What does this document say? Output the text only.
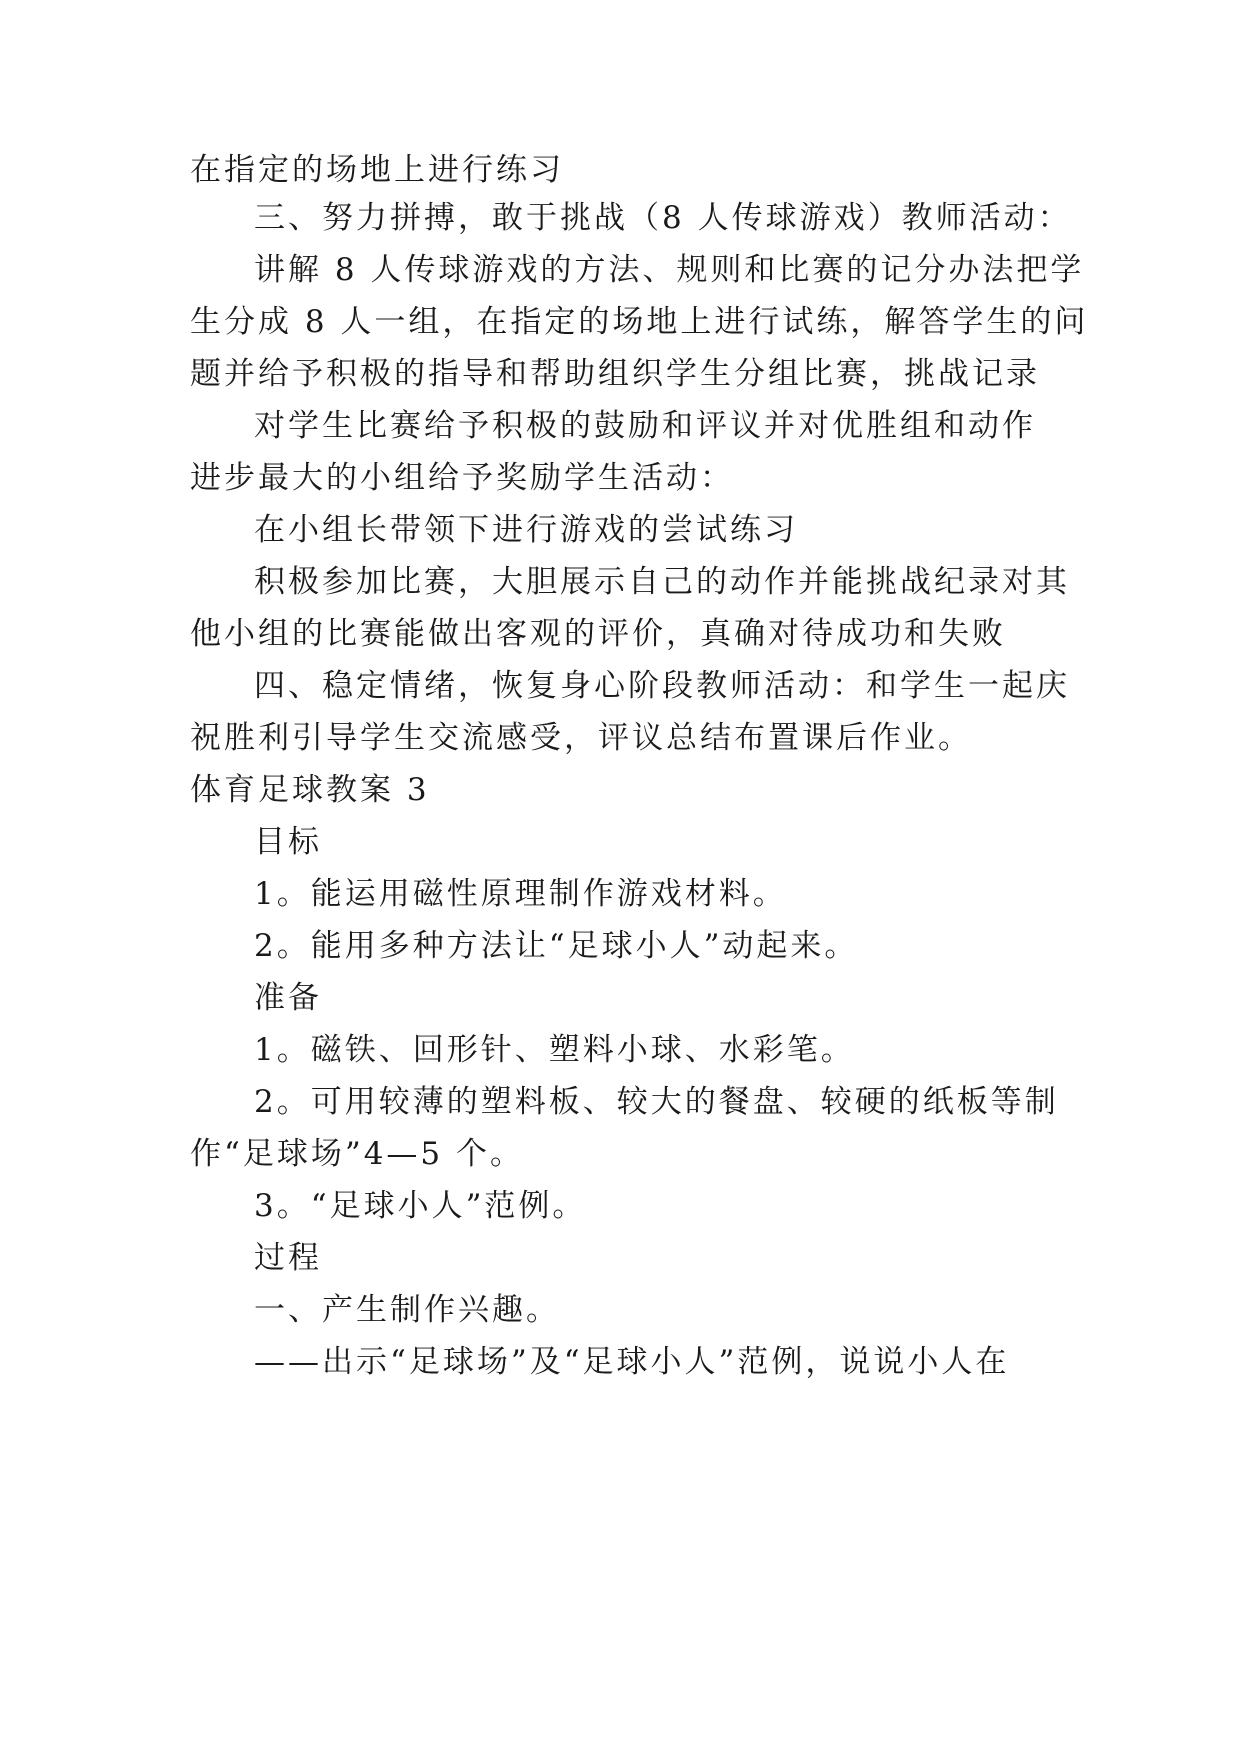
在指定的场地上进行练习
三、努力拼搏，敢于挑战（8 人传球游戏）教师活动：
讲解 8 人传球游戏的方法、规则和比赛的记分办法把学
生分成 8 人一组，在指定的场地上进行试练，解答学生的问
题并给予积极的指导和帮助组织学生分组比赛，挑战记录
对学生比赛给予积极的鼓励和评议并对优胜组和动作
进步最大的小组给予奖励学生活动：
在小组长带领下进行游戏的尝试练习
积极参加比赛，大胆展示自己的动作并能挑战纪录对其
他小组的比赛能做出客观的评价，真确对待成功和失败
四、稳定情绪，恢复身心阶段教师活动：和学生一起庆
祝胜利引导学生交流感受，评议总结布置课后作业。
体育足球教案 3
目标
1。能运用磁性原理制作游戏材料。
2。能用多种方法让“足球小人”动起来。
准备
1。磁铁、回形针、塑料小球、水彩笔。
2。可用较薄的塑料板、较大的餐盘、较硬的纸板等制
作“足球场”4—5 个。
3。“足球小人”范例。
过程
一、产生制作兴趣。
——出示“足球场”及“足球小人”范例，说说小人在
